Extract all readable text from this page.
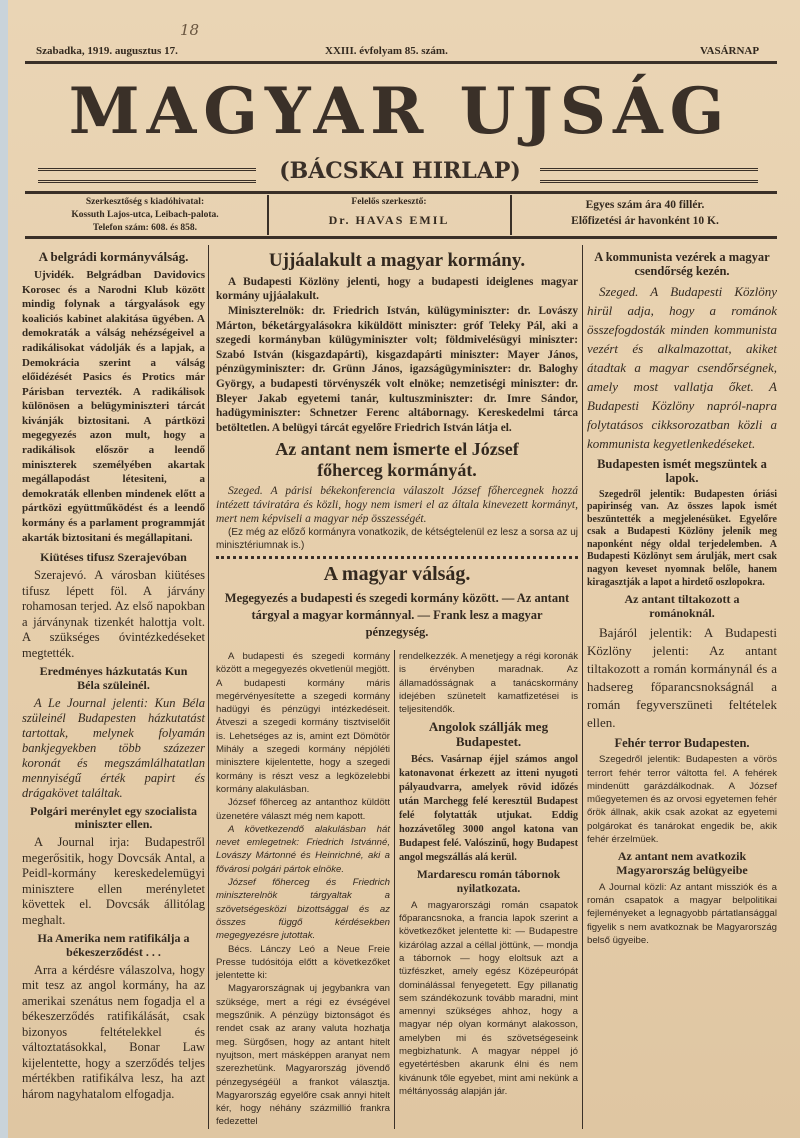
Szabadka, 1919. augusztus 17.
18
XXIII. évfolyam 85. szám.	VASÁRNAP
MAGYAR UJSÁG
(BÁCSKAI HIRLAP)
Szerkesztőség s kiadóhivatal:
Kossuth Lajos-utca, Leibach-palota.
Telefon szám: 608. és 858.
Felelős szerkesztő:
Dr. HAVAS EMIL
Egyes szám ára 40 fillér.
Előfizetési ár havonként 10 K.
A belgrádi kormányválság.

Ujvidék. Belgrádban Davidovics Korosec és a Narodni Klub között mindig folynak a tárgyalások egy koaliciós kabinet alakitása ügyében. A demokraták a válság nehézségeivel a radikálisokat vádolják és a lapjak, a Demokrácia szerint a válság előidézését Pasics és Protics már Párisban tervezték. A radikálisok különösen a belügyminiszteri tárcát kivánják biztositani. A pártközi megegyezés azon mult, hogy a radikálisok először a leendő miniszterek személyében akartak megállapodást létesiteni, a demokraták ellenben mindenek előtt a pártközi együttműködést és a leendő kormány és a parlament programmját akarták biztositani és megállapitani.

Kiütéses tifusz Szerajevóban

Szerajevó. A városban kiütéses tifusz lépett föl. A járvány rohamosan terjed. Az első napokban a járványnak tizenkét halottja volt. A szükséges óvintézkedéseket megtették.

Eredményes házkutatás Kun Béla szüleinél.

A Le Journal jelenti: Kun Béla szüleinél Budapesten házkutatást tartottak, melynek folyamán bankjegyekben több százezer koronát és megszámlálhatatlan mennyiségű érték papirt és drágakövet találtak.

Polgári merénylet egy szocialista miniszter ellen.

A Journal irja: Budapestről megerősitik, hogy Dovcsák Antal, a Peidl-kormány kereskedelemügyi minisztere ellen merényletet követtek el. Dovcsák állitólag meghalt.

Ha Amerika nem ratifikálja a békeszerződést . . .

Arra a kérdésre válaszolva, hogy mit tesz az angol kormány, ha az amerikai szenátus nem fogadja el a békeszerződés ratifikálását, csak bizonyos feltételekkel és változtatásokkal, Bonar Law kijelentette, hogy a szerződés teljes mértékben ratifikálva lesz, ha azt három nagyhatalom elfogadja.

Ujjáalakult a magyar kormány.

A Budapesti Közlöny jelenti, hogy a budapesti ideiglenes magyar kormány ujjáalakult.

Miniszterelnök: dr. Friedrich István, külügyminiszter: dr. Lovászy Márton, béketárgyalásokra kiküldött miniszter: gróf Teleky Pál, aki a szegedi kormányban külügyminiszter volt; földmivelésügyi miniszter: Szabó István (kisgazdapárti), kisgazdapárti miniszter: Mayer János, pénzügyminiszter: dr. Grünn János, igazságügyminiszter: dr. Baloghy György, a budapesti törvényszék volt elnöke; nemzetiségi miniszter: dr. Bleyer Jakab egyetemi tanár, kultuszminiszter: dr. Imre Sándor, hadügyminiszter: Schnetzer Ferenc altábornagy. Kereskedelmi tárca betöltetlen. A belügyi tárcát egyelőre Friedrich István látja el.

Az antant nem ismerte el József főherceg kormányát.

Szeged. A párisi békekonferencia válaszolt József főhercegnek hozzá intézett táviratára és közli, hogy nem ismeri el az általa kinevezett kormányt, mert nem képviseli a magyar nép összességét.

(Ez még az előző kormányra vonatkozik, de kétségtelenül ez lesz a sorsa az uj minisztériumnak is.)

A magyar válság.
Megegyezés a budapesti és szegedi kormány között. — Az antant tárgyal a magyar kormánnyal. — Frank lesz a magyar pénzegység.

A budapesti és szegedi kormány között a megegyezés okvetlenül megjött. A budapesti kormány máris megérvényesítette a szegedi kormány hadügyi és pénzügyi intézkedéseit. Átveszi a szegedi kormány tisztviselőit is. Lehetséges az is, amint ezt Dömötör Mihály a szegedi kormány népjóléti minisztere kijelentette, hogy a szegedi kormány is részt vesz a legközelebbi kormány alakulásban.

József főherceg az antanthoz küldött üzenetére választ még nem kapott.

A következendő alakulásban hát nevet emlegetnek: Friedrich Istvánné, Lovászy Mártonné és Heinrichné, aki a fővárosi polgári pártok elnöke.

József főherceg és Friedrich miniszterelnök tárgyaltak a szövetségesközi bizottsággal és az összes függő kérdésekben megegyezésre jutottak.

Bécs. Lánczy Leó a Neue Freie Presse tudósitója előtt a következőket jelentette ki:

Magyarországnak uj jegybankra van szüksége, mert a régi ez évségével megszűnik. A pénzügy biztonságot és rendet csak az arany valuta hozhatja meg. Sürgősen, hogy az antant hitelt nyujtson, mert másképpen aranyat nem szerezhetünk. Magyarország jövendő pénzegységéül a frankot választja. Magyarország egyelőre csak annyi hitelt kér, hogy néhány százmillió frankra fedezettel

rendelkezzék. A menetjegy a régi koronák is érvényben maradnak. Az államadósságnak a tanácskormány idejében szünetelt kamatfizetései is teljesitendők.

Angolok szállják meg Budapestet.

Bécs. Vasárnap éjjel számos angol katonavonat érkezett az itteni nyugoti pályaudvarra, amelyek rövid időzés után Marchegg felé keresztül Budapest felé folytatták utjukat. Eddig hozzávetőleg 3000 angol katona van Budapest felé. Valószinű, hogy Budapest angol megszállás alá kerül.

Mardarescu román tábornok nyilatkozata.

A magyarországi román csapatok főparancsnoka, a francia lapok szerint a következőket jelentette ki: — Budapestre kizárólag azzal a céllal jöttünk, — mondja a tábornok — hogy eloltsuk azt a tüzfészket, amely egész Középeurópát dominálással fenyegetett. Egy pillanatig sem szándékozunk tovább maradni, mint amennyi szükséges ahhoz, hogy a magyar nép olyan kormányt alakosson, amelyben mi és szövetségeseink megbizhatunk. A magyar néppel jó egyetértésben akarunk élni és nem kivánunk tőle egyebet, mint ami nekünk a méltányosság alapján jár.

A kommunista vezérek a magyar csendőrség kezén.

Szeged. A Budapesti Közlöny hirül adja, hogy a románok összefogdosták minden kommunista vezért és alkalmazottat, akiket átadtak a magyar csendőrségnek, amely most vallatja őket. A Budapesti Közlöny napról-napra folytatásos cikksorozatban közli a kommunista kegyetlenkedéseket.

Budapesten ismét megszüntek a lapok.

Szegedről jelentik: Budapesten óriási papirinség van. Az összes lapok ismét beszüntették a megjelenésüket. Egyelőre csak a Budapesti Közlöny jelenik meg naponként négy oldal terjedelemben. A Budapesti Közlönyt sem árulják, mert csak nagyon keveset nyomnak belőle, hanem kiragasztják a lapot a hirdető oszlopokra.

Az antant tiltakozott a románoknál.

Bajáról jelentik: A Budapesti Közlöny jelenti: Az antant tiltakozott a román kormánynál és a hadsereg főparancsnokságnál a román fegyverszüneti feltételek ellen.

Fehér terror Budapesten.

Szegedről jelentik: Budapesten a vörös terrort fehér terror váltotta fel. A fehérek mindenütt garázdálkodnak. A József műegyetemen és az orvosi egyetemen fehér őrök állnak, akik csak azokat az egyetemi polgárokat és tanárokat engedik be, akik fehér érzelmüek.

Az antant nem avatkozik Magyarország belügyeibe

A Journal közli: Az antant missziók és a román csapatok a magyar belpolitikai fejleményeket a legnagyobb pártatlansággal figyelik s nem avatkoznak be Magyarország belső ügyeibe.
